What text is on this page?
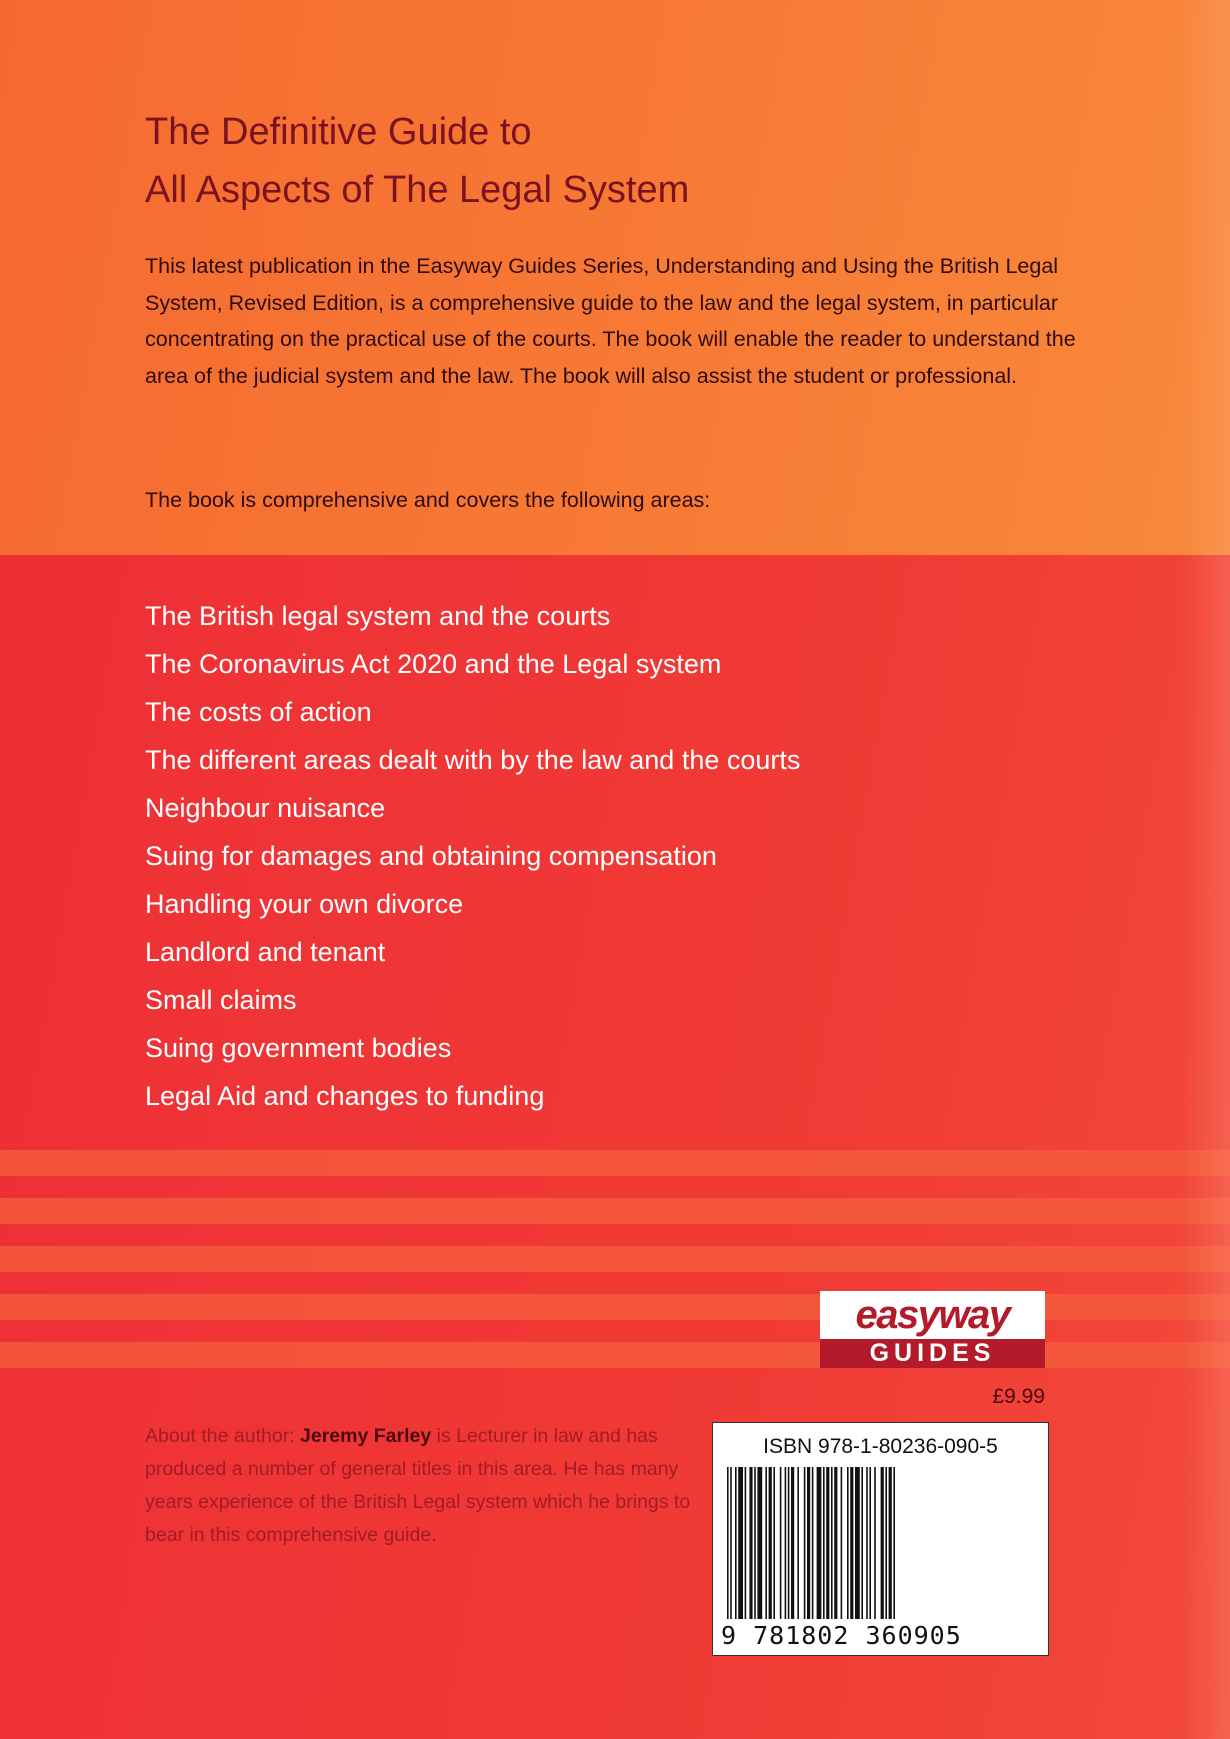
The Definitive Guide to
All Aspects of The Legal System

This latest publication in the Easyway Guides Series, Understanding and Using the British Legal System, Revised Edition, is a comprehensive guide to the law and the legal system, in particular concentrating on the practical use of the courts. The book will enable the reader to understand the area of the judicial system and the law. The book will also assist the student or professional.

The book is comprehensive and covers the following areas:

The British legal system and the courts
The Coronavirus Act 2020 and the Legal system
The costs of action
The different areas dealt with by the law and the courts
Neighbour nuisance
Suing for damages and obtaining compensation
Handling your own divorce
Landlord and tenant
Small claims
Suing government bodies
Legal Aid and changes to funding

About the author: Jeremy Farley is Lecturer in law and has produced a number of general titles in this area. He has many years experience of the British Legal system which he brings to bear in this comprehensive guide.

easyway
GUIDES
£9.99
ISBN 978-1-80236-090-5
9 781802 360905
